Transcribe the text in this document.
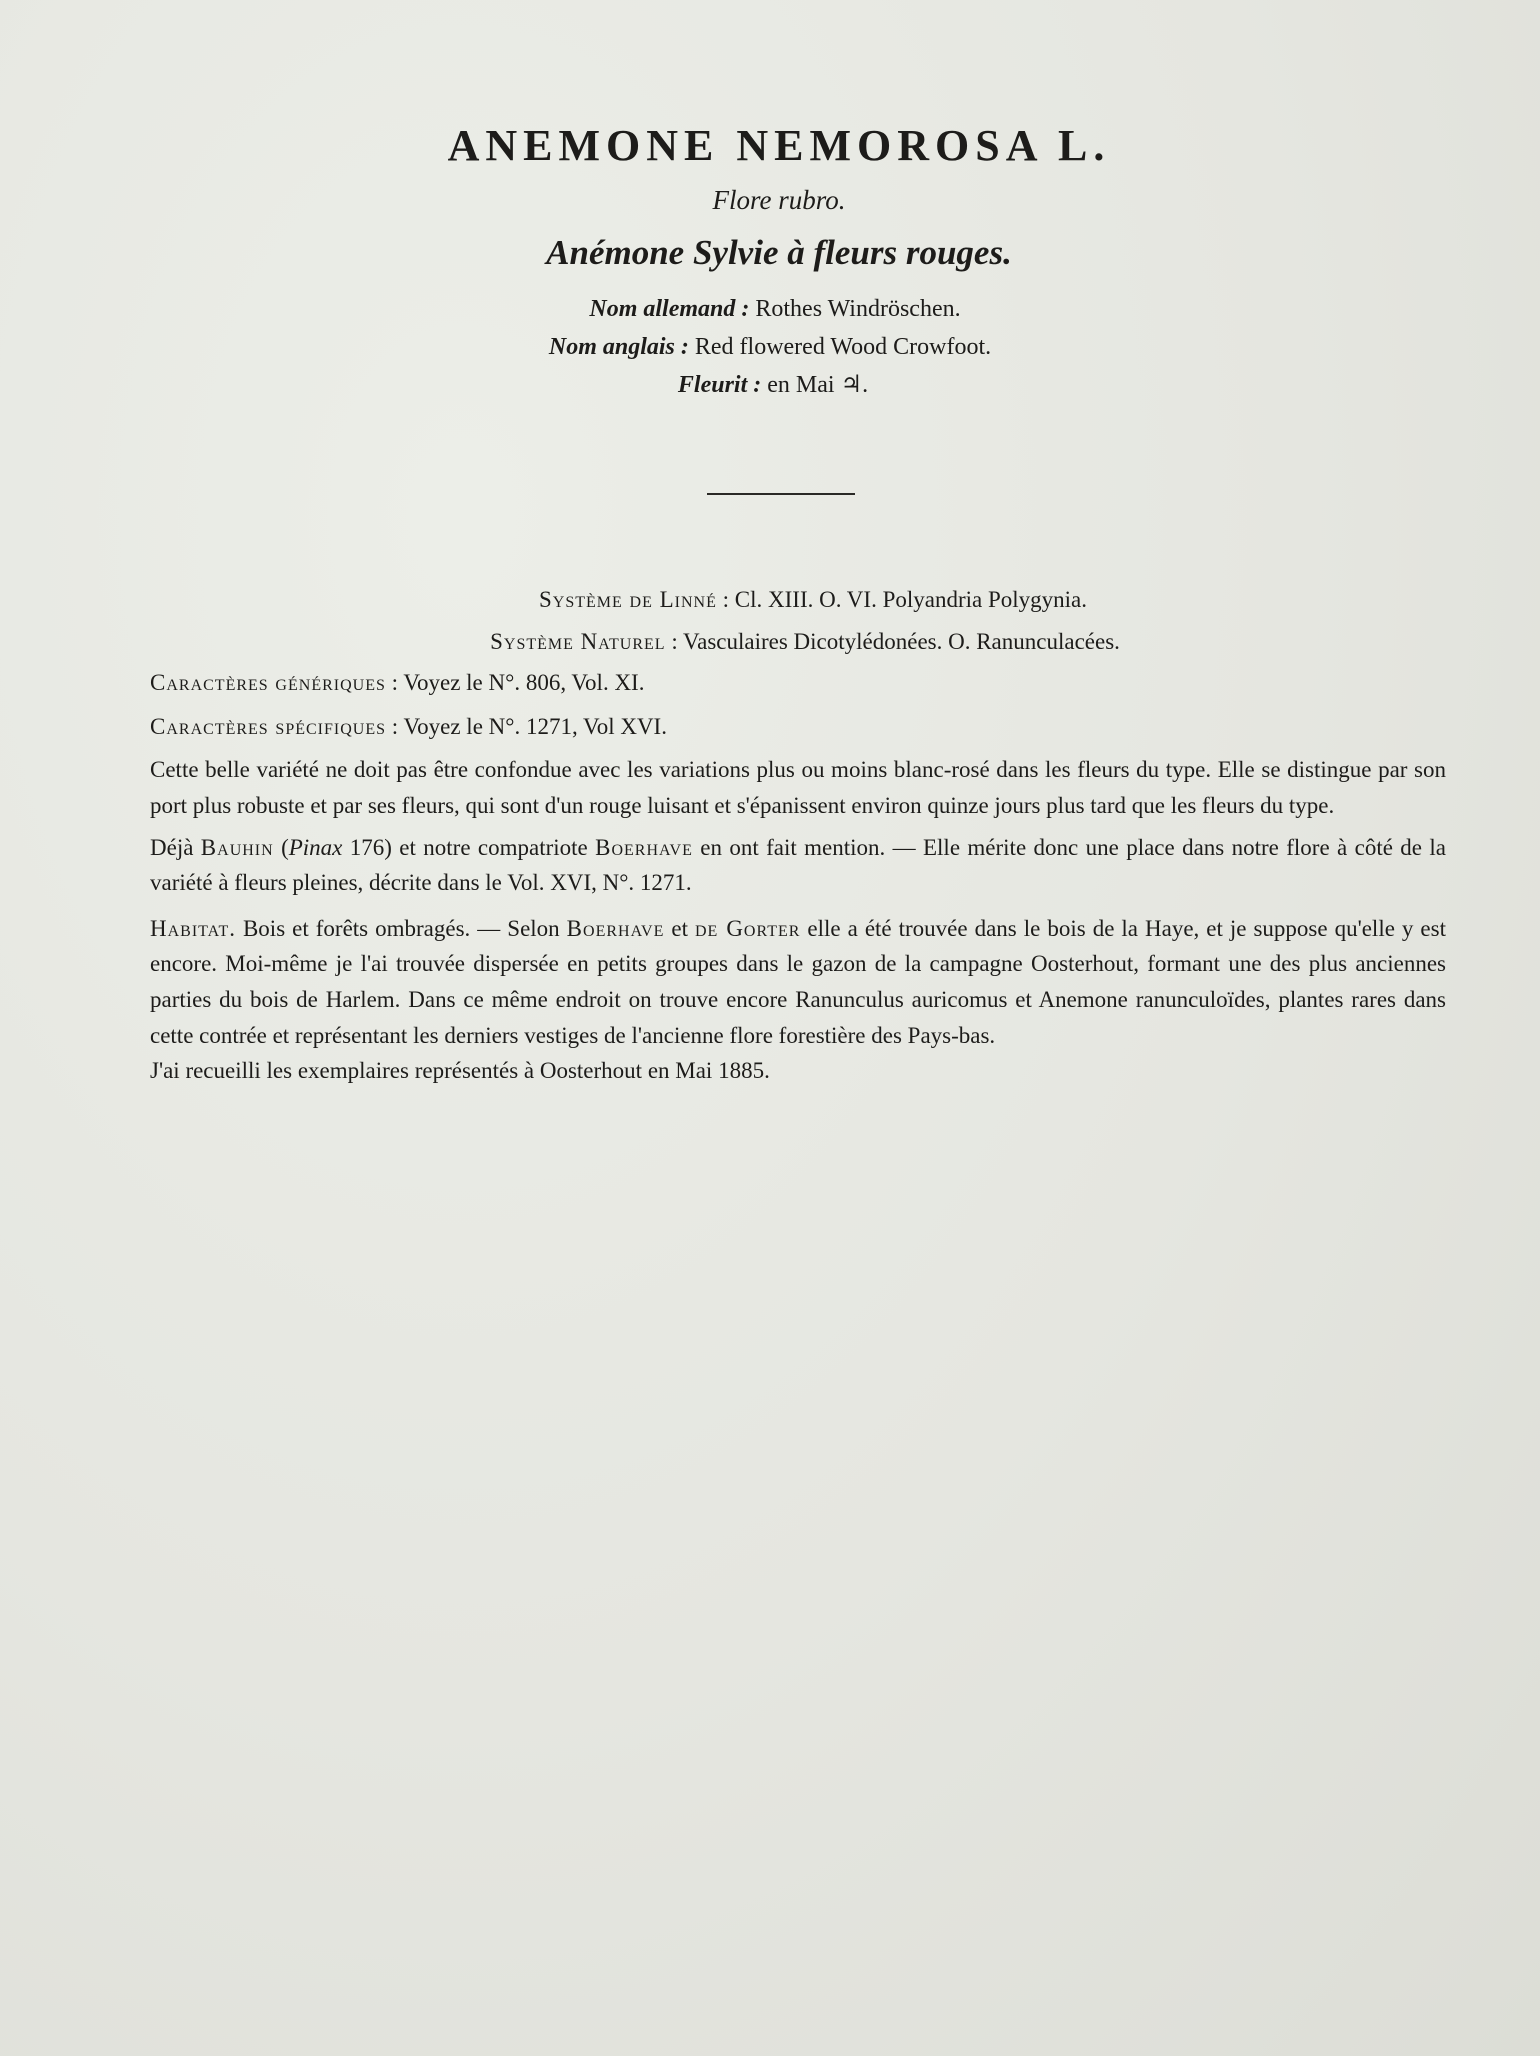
ANEMONE NEMOROSA L.

Flore rubro.

Anémone Sylvie à fleurs rouges.

Nom allemand : Rothes Windröschen.

Nom anglais : Red flowered Wood Crowfoot.

Fleurit : en Mai ♃.

Système de Linné : Cl. XIII. O. VI. Polyandria Polygynia.

Système Naturel : Vasculaires Dicotylédonées. O. Ranunculacées.

Caractères génériques : Voyez le N°. 806, Vol. XI.

Caractères spécifiques : Voyez le N°. 1271, Vol XVI.

Cette belle variété ne doit pas être confondue avec les variations plus ou moins blanc-rosé dans les fleurs du type. Elle se distingue par son port plus robuste et par ses fleurs, qui sont d'un rouge luisant et s'épanissent environ quinze jours plus tard que les fleurs du type.

Déjà Bauhin (Pinax 176) et notre compatriote Boerhave en ont fait mention. — Elle mérite donc une place dans notre flore à côté de la variété à fleurs pleines, décrite dans le Vol. XVI, N°. 1271.

Habitat. Bois et forêts ombragés. — Selon Boerhave et de Gorter elle a été trouvée dans le bois de la Haye, et je suppose qu'elle y est encore. Moi-même je l'ai trouvée dispersée en petits groupes dans le gazon de la campagne Oosterhout, formant une des plus anciennes parties du bois de Harlem. Dans ce même endroit on trouve encore Ranunculus auricomus et Anemone ranunculoïdes, plantes rares dans cette contrée et représentant les derniers vestiges de l'ancienne flore forestière des Pays-bas.

J'ai recueilli les exemplaires représentés à Oosterhout en Mai 1885.
